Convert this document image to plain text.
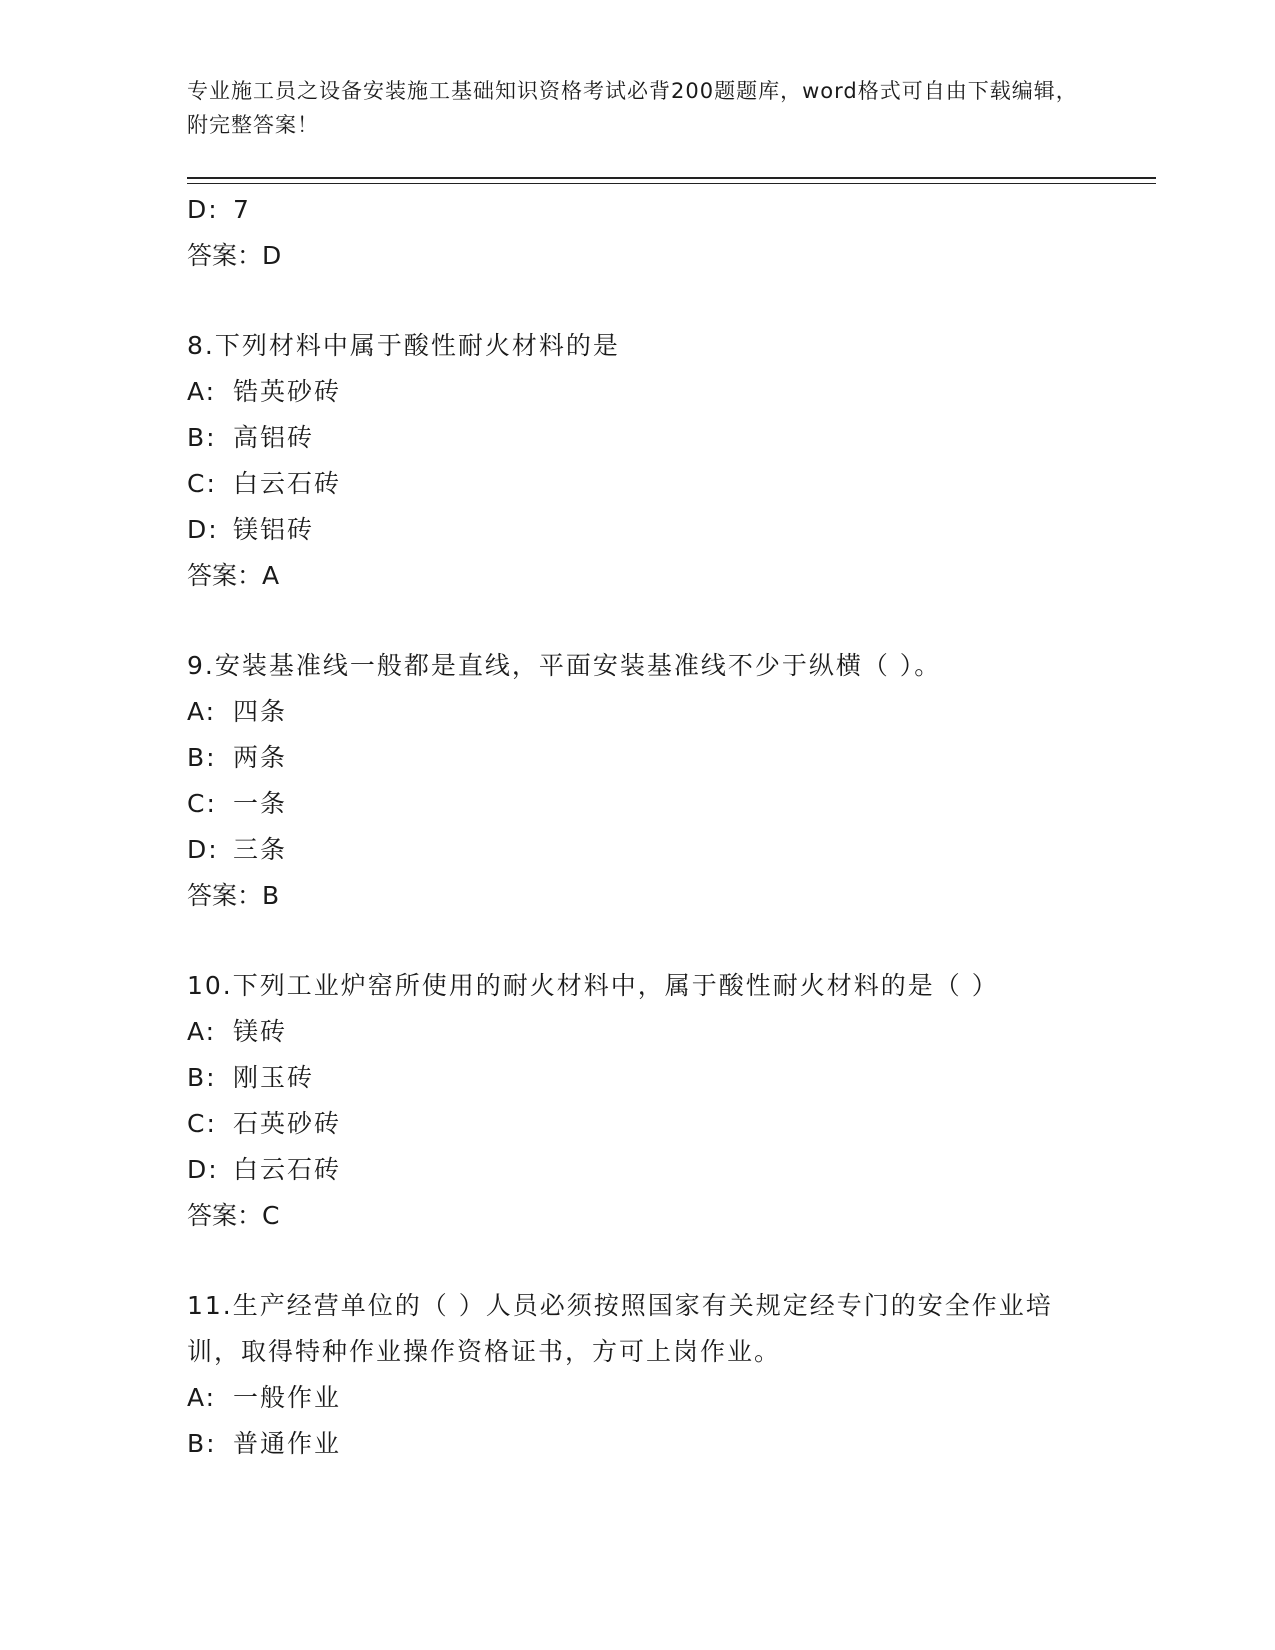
专业施工员之设备安装施工基础知识资格考试必背200题题库，word格式可自由下载编辑，附完整答案！
D: 7
答案：D
8.下列材料中属于酸性耐火材料的是
A: 锆英砂砖
B: 高铝砖
C: 白云石砖
D: 镁铝砖
答案：A
9.安装基准线一般都是直线，平面安装基准线不少于纵横（ ）。
A: 四条
B: 两条
C: 一条
D: 三条
答案：B
10.下列工业炉窑所使用的耐火材料中，属于酸性耐火材料的是（ ）
A: 镁砖
B: 刚玉砖
C: 石英砂砖
D: 白云石砖
答案：C
11.生产经营单位的（ ）人员必须按照国家有关规定经专门的安全作业培训，取得特种作业操作资格证书，方可上岗作业。
A: 一般作业
B: 普通作业
